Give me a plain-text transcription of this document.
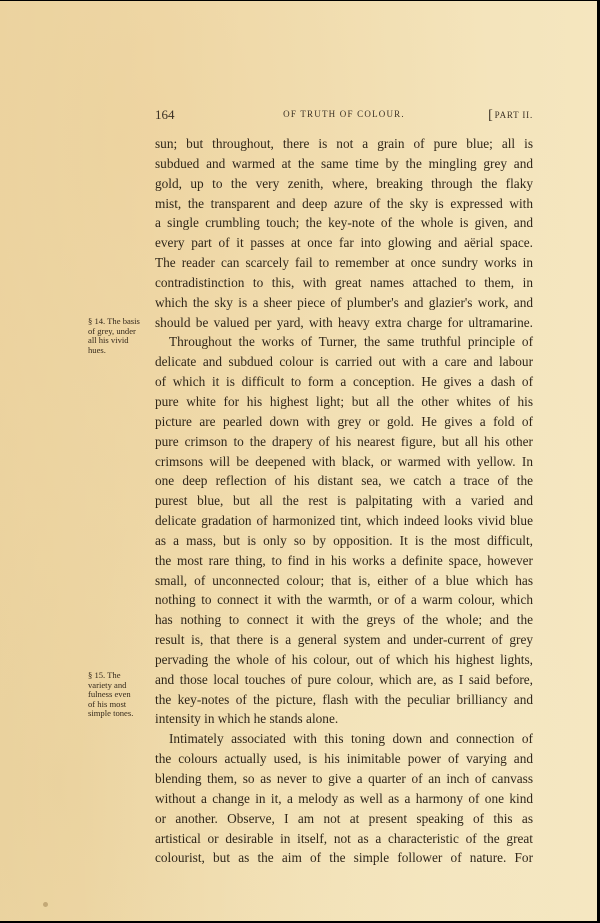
164	OF TRUTH OF COLOUR.	[PART II.
§ 14. The basis
of grey, under
all his vivid
hues.
§ 15. The
variety and
fulness even
of his most
simple tones.
sun; but throughout, there is not a grain of pure blue; all is
subdued and warmed at the same time by the mingling grey and
gold, up to the very zenith, where, breaking through the flaky
mist, the transparent and deep azure of the sky is expressed with
a single crumbling touch; the key-note of the whole is given, and
every part of it passes at once far into glowing and aërial space.
The reader can scarcely fail to remember at once sundry works in
contradistinction to this, with great names attached to them, in
which the sky is a sheer piece of plumber's and glazier's work, and
should be valued per yard, with heavy extra charge for ultramarine.
Throughout the works of Turner, the same truthful principle of
delicate and subdued colour is carried out with a care and labour
of which it is difficult to form a conception. He gives a dash of
pure white for his highest light; but all the other whites of his
picture are pearled down with grey or gold. He gives a fold of
pure crimson to the drapery of his nearest figure, but all his other
crimsons will be deepened with black, or warmed with yellow. In
one deep reflection of his distant sea, we catch a trace of the
purest blue, but all the rest is palpitating with a varied and
delicate gradation of harmonized tint, which indeed looks vivid blue
as a mass, but is only so by opposition. It is the most difficult,
the most rare thing, to find in his works a definite space, however
small, of unconnected colour; that is, either of a blue which has
nothing to connect it with the warmth, or of a warm colour, which
has nothing to connect it with the greys of the whole; and the
result is, that there is a general system and under-current of grey
pervading the whole of his colour, out of which his highest lights,
and those local touches of pure colour, which are, as I said before,
the key-notes of the picture, flash with the peculiar brilliancy and
intensity in which he stands alone.
Intimately associated with this toning down and connection of
the colours actually used, is his inimitable power of varying and
blending them, so as never to give a quarter of an inch of canvass
without a change in it, a melody as well as a harmony of one kind
or another. Observe, I am not at present speaking of this as
artistical or desirable in itself, not as a characteristic of the great
colourist, but as the aim of the simple follower of nature. For
